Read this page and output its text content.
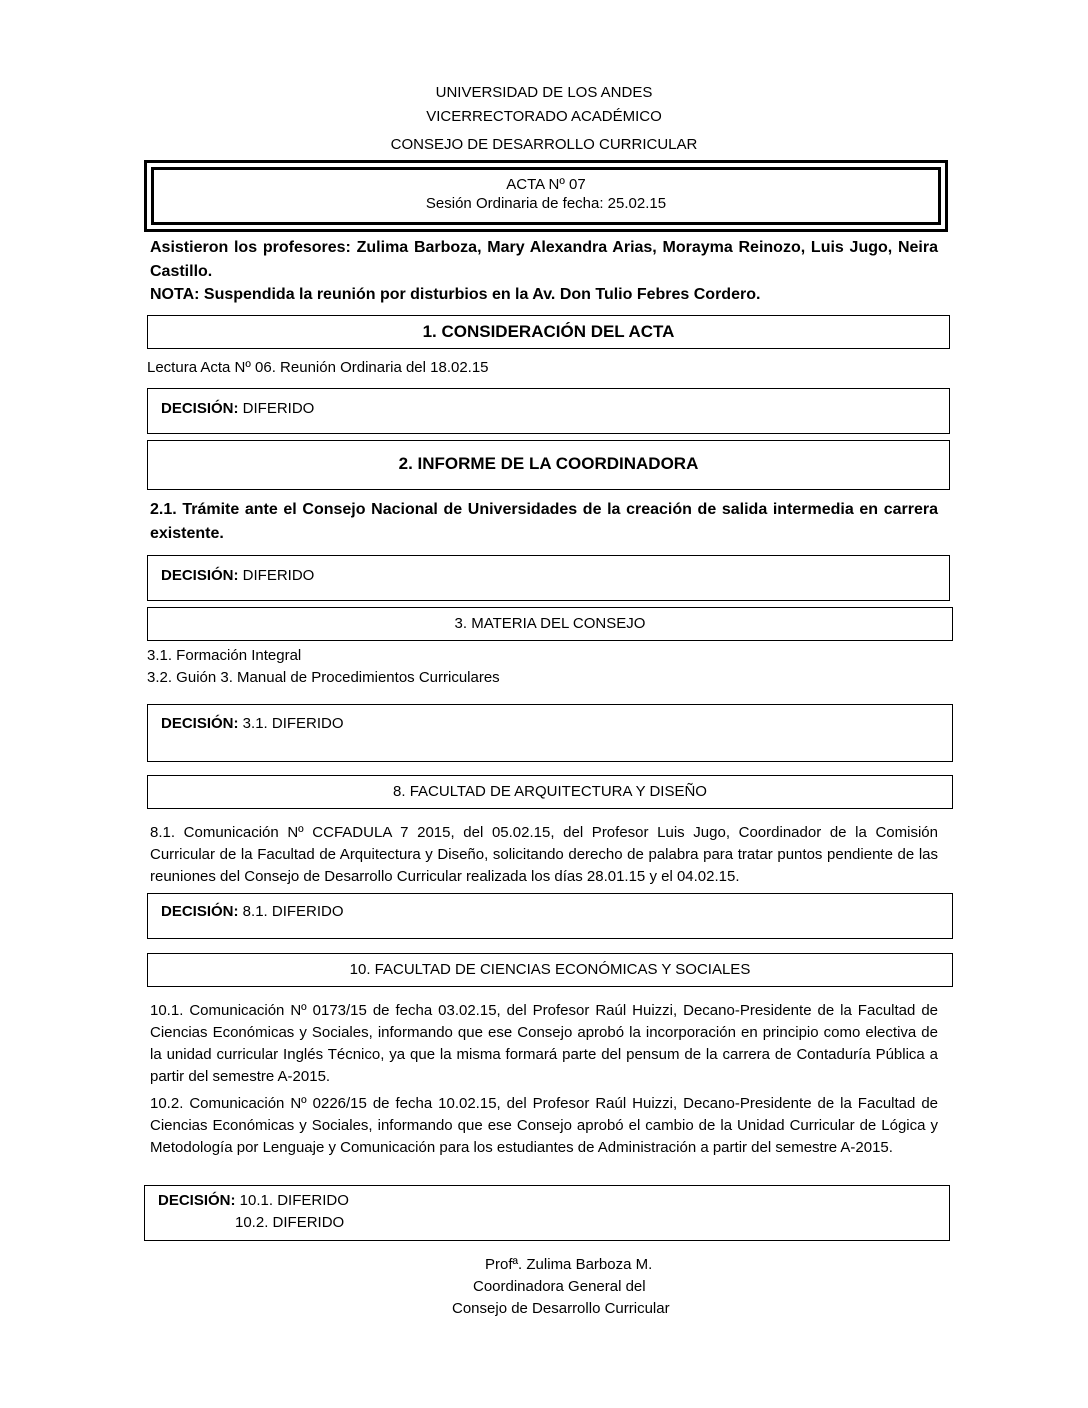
UNIVERSIDAD DE LOS ANDES
VICERRECTORADO ACADÉMICO
CONSEJO DE DESARROLLO CURRICULAR
ACTA Nº 07
Sesión Ordinaria de fecha: 25.02.15
Asistieron los profesores: Zulima Barboza, Mary Alexandra Arias, Morayma Reinozo, Luis Jugo, Neira Castillo.
NOTA: Suspendida la reunión por disturbios en la Av. Don Tulio Febres Cordero.
1. CONSIDERACIÓN DEL ACTA
Lectura Acta Nº 06. Reunión Ordinaria del 18.02.15
DECISIÓN: DIFERIDO
2. INFORME DE LA COORDINADORA
2.1. Trámite ante el Consejo Nacional de Universidades de la creación de salida intermedia en carrera existente.
DECISIÓN: DIFERIDO
3. MATERIA DEL CONSEJO
3.1. Formación Integral
3.2. Guión 3. Manual de Procedimientos Curriculares
DECISIÓN: 3.1. DIFERIDO
8. FACULTAD DE ARQUITECTURA Y DISEÑO
8.1. Comunicación Nº CCFADULA 7 2015, del 05.02.15, del Profesor Luis Jugo, Coordinador de la Comisión Curricular de la Facultad de Arquitectura y Diseño, solicitando derecho de palabra para tratar puntos pendiente de las reuniones del Consejo de Desarrollo Curricular realizada los días 28.01.15 y el 04.02.15.
DECISIÓN: 8.1. DIFERIDO
10. FACULTAD DE CIENCIAS ECONÓMICAS Y SOCIALES
10.1. Comunicación Nº 0173/15 de fecha 03.02.15, del Profesor Raúl Huizzi, Decano-Presidente de la Facultad de Ciencias Económicas y Sociales, informando que ese Consejo aprobó la incorporación en principio como electiva de la unidad curricular Inglés Técnico, ya que la misma formará parte del pensum de la carrera de Contaduría Pública a partir del semestre A-2015.
10.2. Comunicación Nº 0226/15 de fecha 10.02.15, del Profesor Raúl Huizzi, Decano-Presidente de la Facultad de Ciencias Económicas y Sociales, informando que ese Consejo aprobó el cambio de la Unidad Curricular de Lógica y Metodología por Lenguaje y Comunicación para los estudiantes de Administración a partir del semestre A-2015.
DECISIÓN: 10.1. DIFERIDO
10.2. DIFERIDO
Profª. Zulima Barboza M.
Coordinadora General del
Consejo de Desarrollo Curricular
